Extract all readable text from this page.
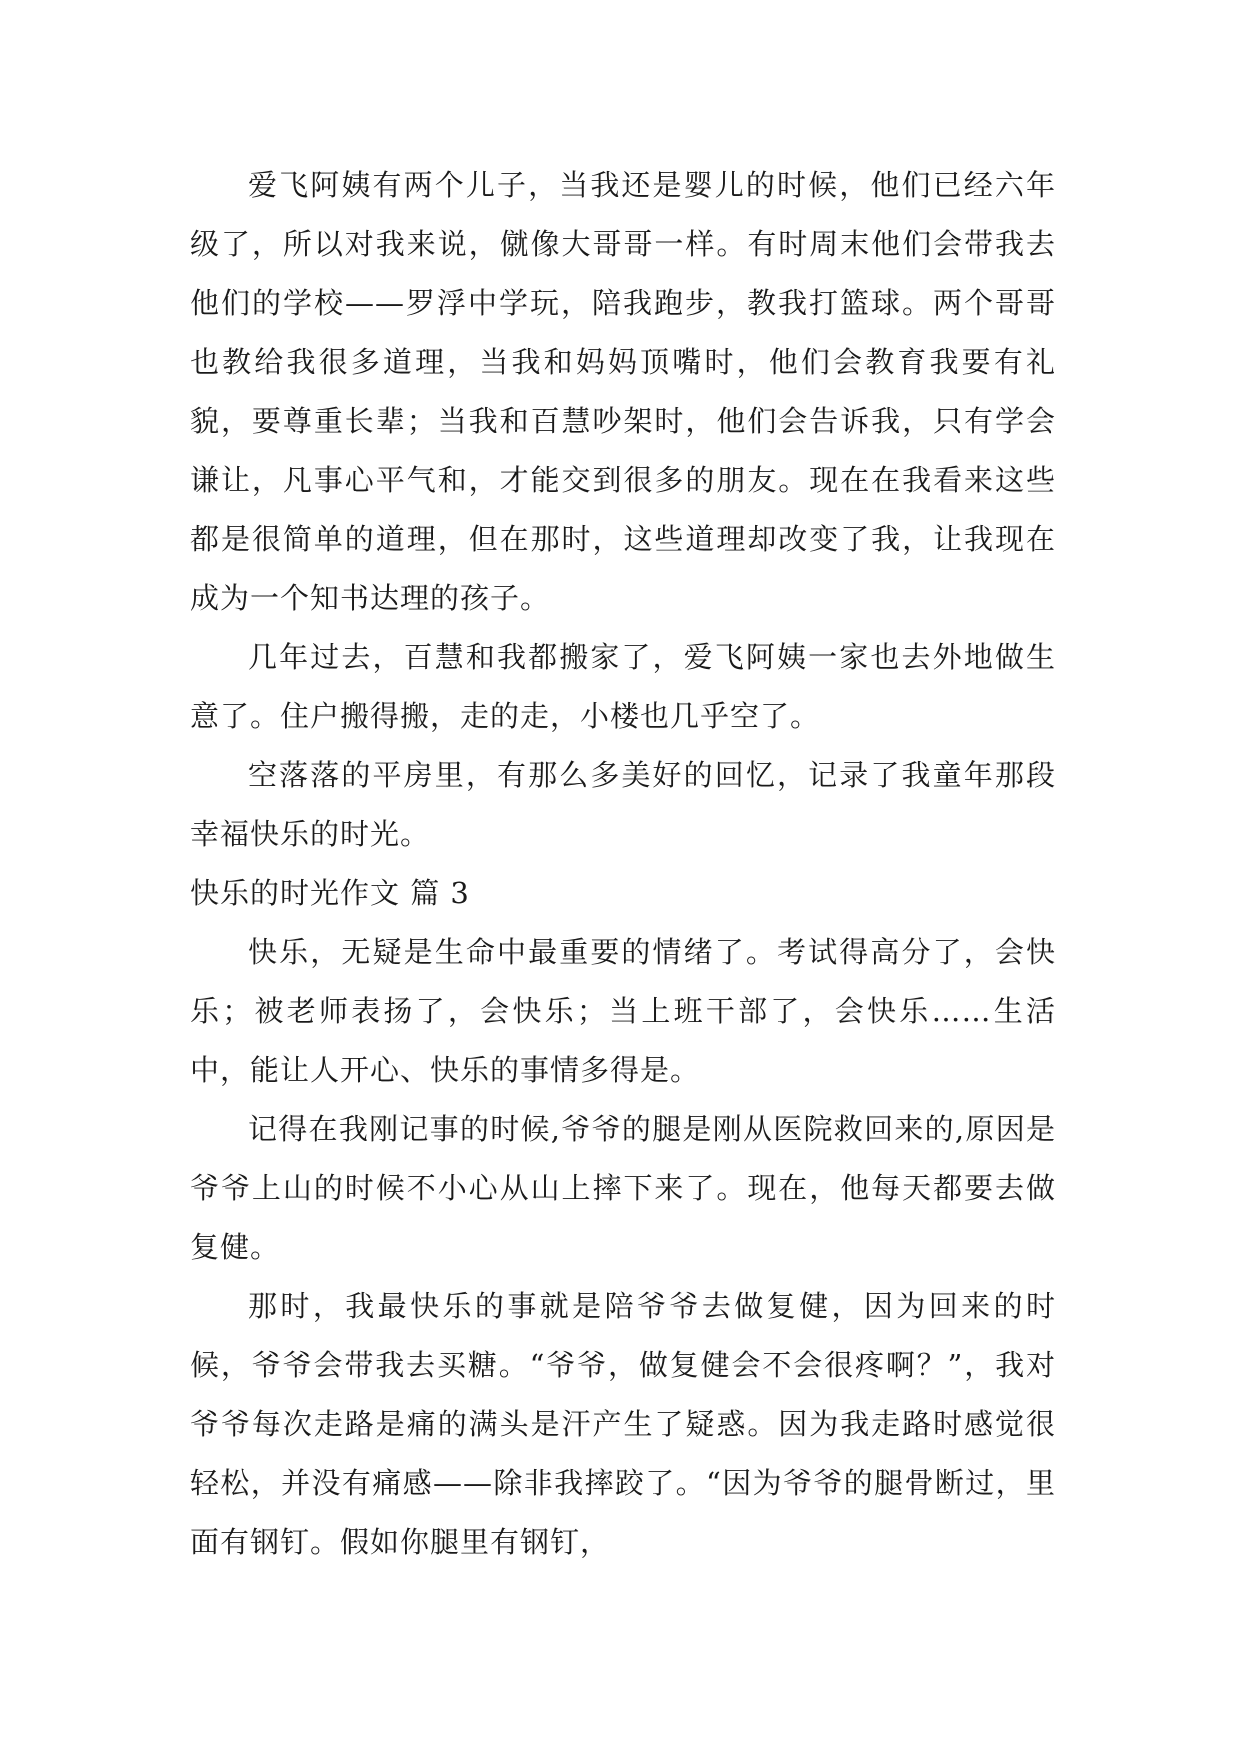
爱飞阿姨有两个儿子，当我还是婴儿的时候，他们已经六年级了，所以对我来说，僦像大哥哥一样。有时周末他们会带我去他们的学校——罗浮中学玩，陪我跑步，教我打篮球。两个哥哥也教给我很多道理，当我和妈妈顶嘴时，他们会教育我要有礼貌，要尊重长辈；当我和百慧吵架时，他们会告诉我，只有学会谦让，凡事心平气和，才能交到很多的朋友。现在在我看来这些都是很简单的道理，但在那时，这些道理却改变了我，让我现在成为一个知书达理的孩子。

几年过去，百慧和我都搬家了，爱飞阿姨一家也去外地做生意了。住户搬得搬，走的走，小楼也几乎空了。

空落落的平房里，有那么多美好的回忆，记录了我童年那段幸福快乐的时光。

快乐的时光作文 篇 3

快乐，无疑是生命中最重要的情绪了。考试得高分了，会快乐；被老师表扬了，会快乐；当上班干部了，会快乐……生活中，能让人开心、快乐的事情多得是。

记得在我刚记事的时候,爷爷的腿是刚从医院救回来的,原因是爷爷上山的时候不小心从山上摔下来了。现在，他每天都要去做复健。

那时，我最快乐的事就是陪爷爷去做复健，因为回来的时候，爷爷会带我去买糖。“爷爷，做复健会不会很疼啊？”，我对爷爷每次走路是痛的满头是汗产生了疑惑。因为我走路时感觉很轻松，并没有痛感——除非我摔跤了。“因为爷爷的腿骨断过，里面有钢钉。假如你腿里有钢钉，
